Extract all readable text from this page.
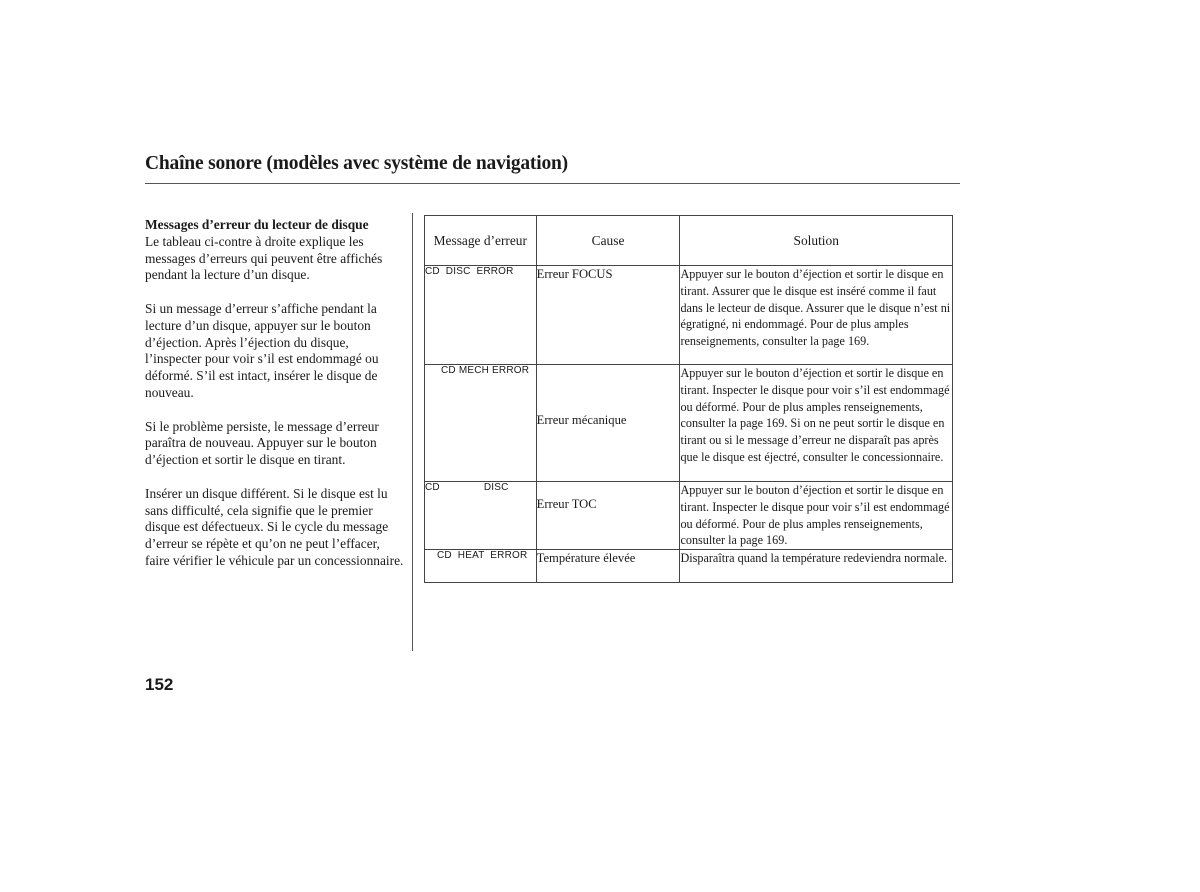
Chaîne sonore (modèles avec système de navigation)
Messages d’erreur du lecteur de disque

Le tableau ci-contre à droite explique les messages d’erreurs qui peuvent être affichés pendant la lecture d’un disque.

Si un message d’erreur s’affiche pendant la lecture d’un disque, appuyer sur le bouton d’éjection. Après l’éjection du disque, l’inspecter pour voir s’il est endommagé ou déformé. S’il est intact, insérer le disque de nouveau.

Si le problème persiste, le message d’erreur paraîtra de nouveau. Appuyer sur le bouton d’éjection et sortir le disque en tirant.

Insérer un disque différent. Si le disque est lu sans difficulté, cela signifie que le premier disque est défectueux. Si le cycle du message d’erreur se répète et qu’on ne peut l’effacer, faire vérifier le véhicule par un concessionnaire.

Message d’erreur	Cause	Solution
CD  DISC  ERROR	Erreur FOCUS	Appuyer sur le bouton d’éjection et sortir le disque en tirant. Assurer que le disque est inséré comme il faut dans le lecteur de disque. Assurer que le disque n’est ni égratigné, ni endommagé. Pour de plus amples renseignements, consulter la page 169.
CD MECH ERROR	Erreur mécanique	Appuyer sur le bouton d’éjection et sortir le disque en tirant. Inspecter le disque pour voir s’il est endommagé ou déformé. Pour de plus amples renseignements, consulter la page 169. Si on ne peut sortir le disque en tirant ou si le message d’erreur ne disparaît pas après que le disque est éjectré, consulter le concessionnaire.
CD DISC	Erreur TOC	Appuyer sur le bouton d’éjection et sortir le disque en tirant. Inspecter le disque pour voir s’il est endommagé ou déformé. Pour de plus amples renseignements, consulter la page 169.
CD  HEAT  ERROR	Température élevée	Disparaîtra quand la température redeviendra normale.
152
